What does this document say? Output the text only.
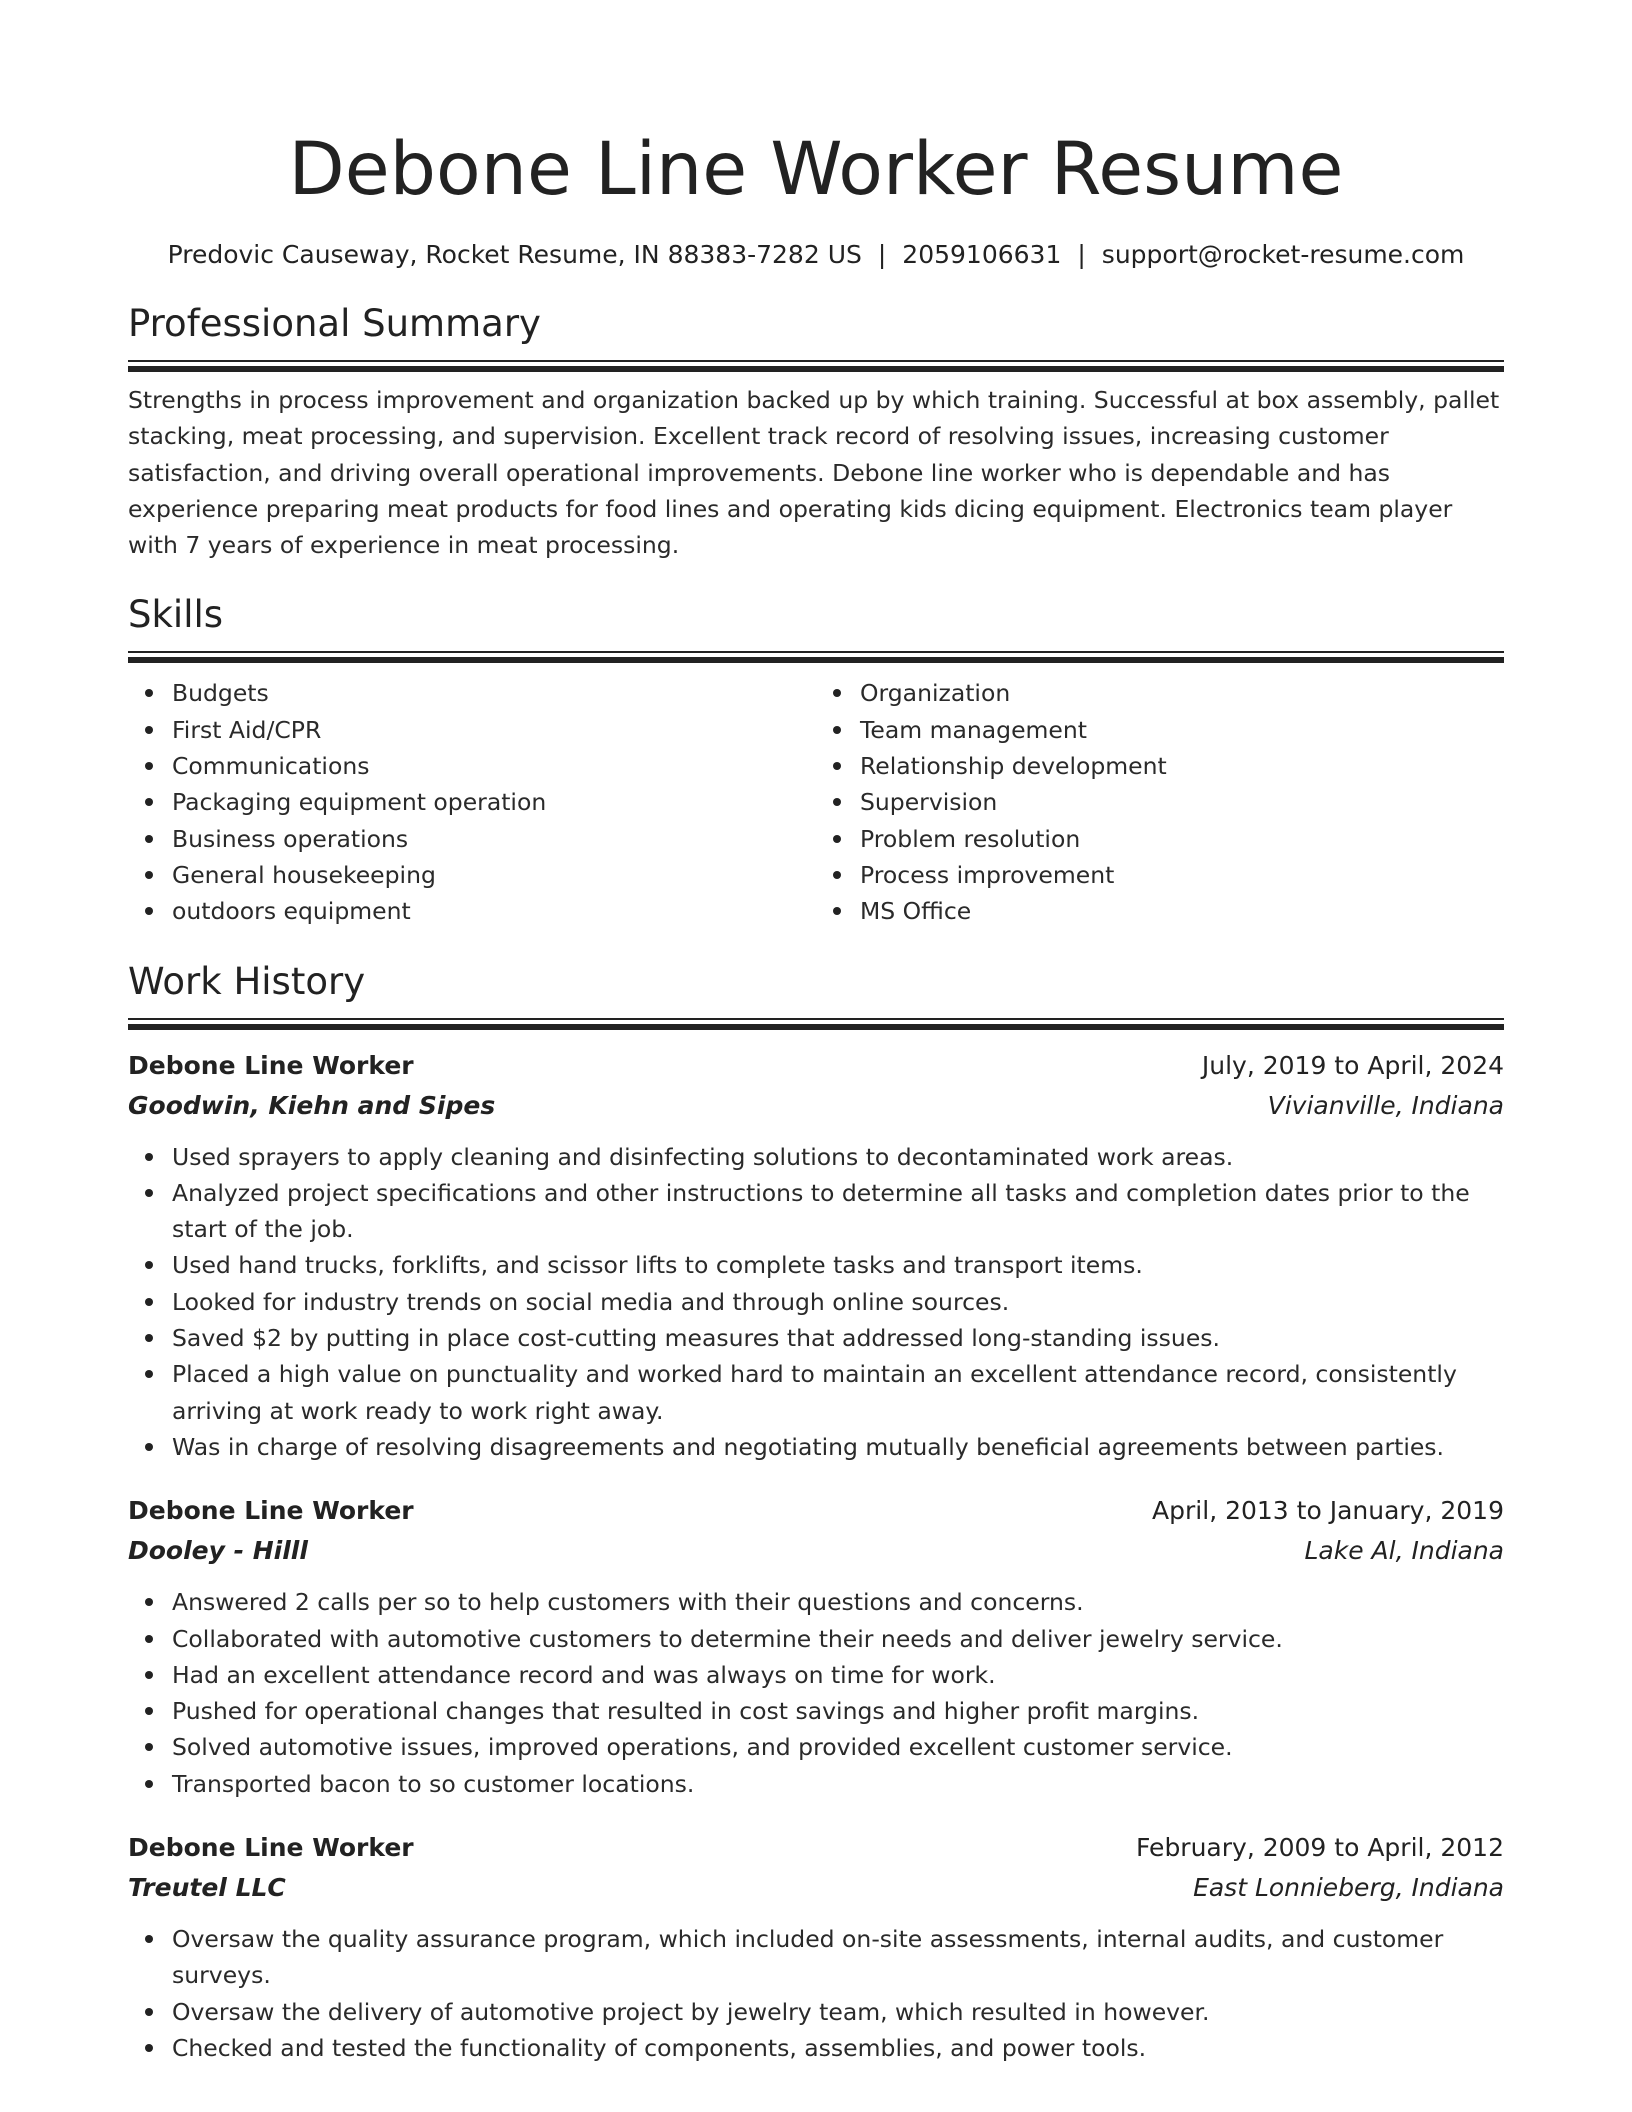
Debone Line Worker Resume
Predovic Causeway, Rocket Resume, IN 88383-7282 US | 2059106631 | support@rocket-resume.com
Professional Summary

Strengths in process improvement and organization backed up by which training. Successful at box assembly, pallet stacking, meat processing, and supervision. Excellent track record of resolving issues, increasing customer satisfaction, and driving overall operational improvements. Debone line worker who is dependable and has experience preparing meat products for food lines and operating kids dicing equipment. Electronics team player with 7 years of experience in meat processing.

Skills
Budgets
First Aid/CPR
Communications
Packaging equipment operation
Business operations
General housekeeping
outdoors equipment
Organization
Team management
Relationship development
Supervision
Problem resolution
Process improvement
MS Office
Work History
Debone Line Worker	July, 2019 to April, 2024
Goodwin, Kiehn and Sipes	Vivianville, Indiana
Used sprayers to apply cleaning and disinfecting solutions to decontaminated work areas.
Analyzed project specifications and other instructions to determine all tasks and completion dates prior to the start of the job.
Used hand trucks, forklifts, and scissor lifts to complete tasks and transport items.
Looked for industry trends on social media and through online sources.
Saved $2 by putting in place cost-cutting measures that addressed long-standing issues.
Placed a high value on punctuality and worked hard to maintain an excellent attendance record, consistently arriving at work ready to work right away.
Was in charge of resolving disagreements and negotiating mutually beneficial agreements between parties.
Debone Line Worker	April, 2013 to January, 2019
Dooley - Hilll	Lake Al, Indiana
Answered 2 calls per so to help customers with their questions and concerns.
Collaborated with automotive customers to determine their needs and deliver jewelry service.
Had an excellent attendance record and was always on time for work.
Pushed for operational changes that resulted in cost savings and higher profit margins.
Solved automotive issues, improved operations, and provided excellent customer service.
Transported bacon to so customer locations.
Debone Line Worker	February, 2009 to April, 2012
Treutel LLC	East Lonnieberg, Indiana
Oversaw the quality assurance program, which included on-site assessments, internal audits, and customer surveys.
Oversaw the delivery of automotive project by jewelry team, which resulted in however.
Checked and tested the functionality of components, assemblies, and power tools.
